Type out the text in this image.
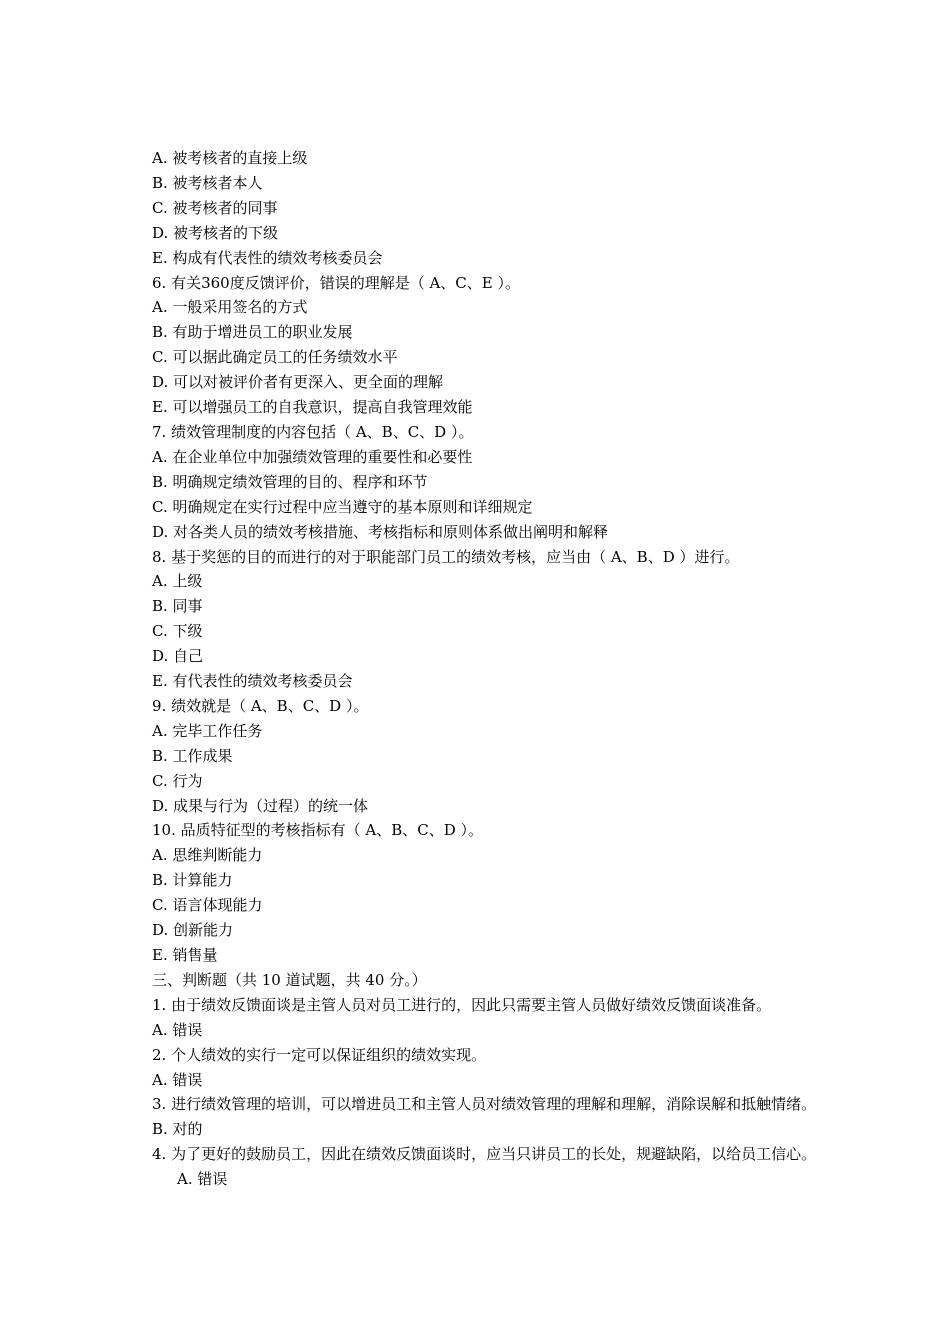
A. 被考核者的直接上级

B. 被考核者本人

C. 被考核者的同事

D. 被考核者的下级

E. 构成有代表性的绩效考核委员会

6. 有关360度反馈评价，错误的理解是（ A、C、E ）。

A. 一般采用签名的方式

B. 有助于增进员工的职业发展

C. 可以据此确定员工的任务绩效水平

D. 可以对被评价者有更深入、更全面的理解

E. 可以增强员工的自我意识，提高自我管理效能

7. 绩效管理制度的内容包括（ A、B、C、D ）。

A. 在企业单位中加强绩效管理的重要性和必要性

B. 明确规定绩效管理的目的、程序和环节

C. 明确规定在实行过程中应当遵守的基本原则和详细规定

D. 对各类人员的绩效考核措施、考核指标和原则体系做出阐明和解释

8. 基于奖惩的目的而进行的对于职能部门员工的绩效考核，应当由（ A、B、D ）进行。

A. 上级

B. 同事

C. 下级

D. 自己

E. 有代表性的绩效考核委员会

9. 绩效就是（ A、B、C、D ）。

A. 完毕工作任务

B. 工作成果

C. 行为

D. 成果与行为（过程）的统一体

10. 品质特征型的考核指标有（ A、B、C、D ）。

A. 思维判断能力

B. 计算能力

C. 语言体现能力

D. 创新能力

E. 销售量

三、判断题（共 10 道试题，共 40 分。）

1. 由于绩效反馈面谈是主管人员对员工进行的，因此只需要主管人员做好绩效反馈面谈准备。

A. 错误

2. 个人绩效的实行一定可以保证组织的绩效实现。

A. 错误

3. 进行绩效管理的培训，可以增进员工和主管人员对绩效管理的理解和理解，消除误解和抵触情绪。

B. 对的

4. 为了更好的鼓励员工，因此在绩效反馈面谈时，应当只讲员工的长处，规避缺陷，以给员工信心。

A. 错误
